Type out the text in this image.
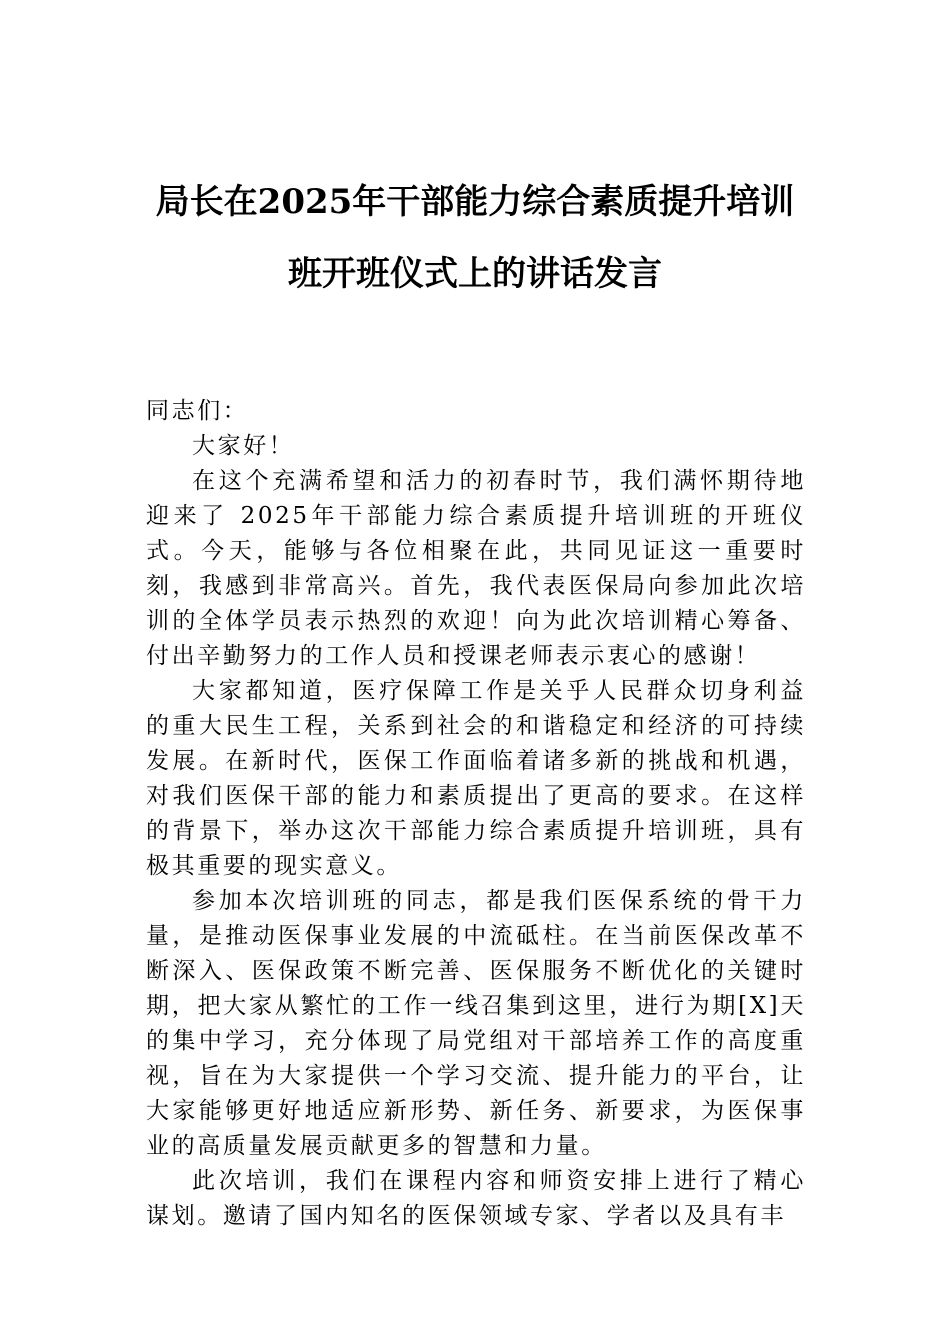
局长在2025年干部能力综合素质提升培训
班开班仪式上的讲话发言

同志们：

大家好！

在这个充满希望和活力的初春时节，我们满怀期待地迎来了 2025年干部能力综合素质提升培训班的开班仪式。今天，能够与各位相聚在此，共同见证这一重要时刻，我感到非常高兴。首先，我代表医保局向参加此次培训的全体学员表示热烈的欢迎！向为此次培训精心筹备、付出辛勤努力的工作人员和授课老师表示衷心的感谢！

大家都知道，医疗保障工作是关乎人民群众切身利益的重大民生工程，关系到社会的和谐稳定和经济的可持续发展。在新时代，医保工作面临着诸多新的挑战和机遇，对我们医保干部的能力和素质提出了更高的要求。在这样的背景下，举办这次干部能力综合素质提升培训班，具有极其重要的现实意义。

参加本次培训班的同志，都是我们医保系统的骨干力量，是推动医保事业发展的中流砥柱。在当前医保改革不断深入、医保政策不断完善、医保服务不断优化的关键时期，把大家从繁忙的工作一线召集到这里，进行为期[X]天的集中学习，充分体现了局党组对干部培养工作的高度重视，旨在为大家提供一个学习交流、提升能力的平台，让大家能够更好地适应新形势、新任务、新要求，为医保事业的高质量发展贡献更多的智慧和力量。

此次培训，我们在课程内容和师资安排上进行了精心谋划。邀请了国内知名的医保领域专家、学者以及具有丰
